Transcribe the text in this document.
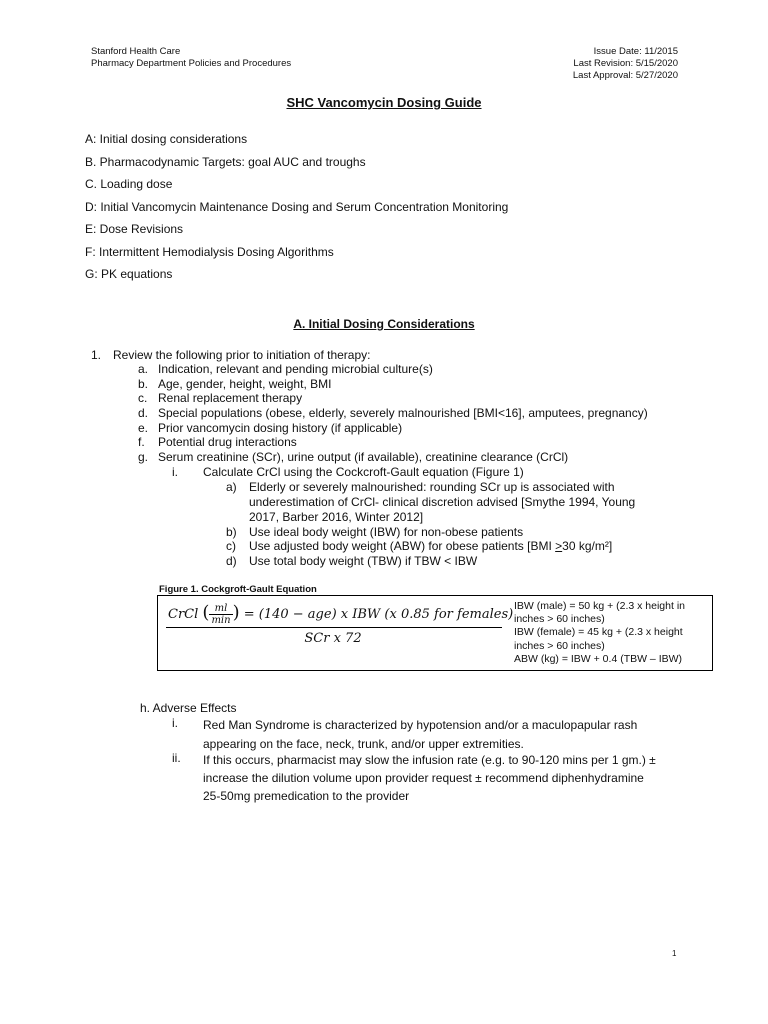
Stanford Health Care
Pharmacy Department Policies and Procedures
Issue Date: 11/2015
Last Revision: 5/15/2020
Last Approval: 5/27/2020
SHC Vancomycin Dosing Guide
A: Initial dosing considerations
B. Pharmacodynamic Targets: goal AUC and troughs
C. Loading dose
D: Initial Vancomycin Maintenance Dosing and Serum Concentration Monitoring
E: Dose Revisions
F: Intermittent Hemodialysis Dosing Algorithms
G: PK equations
A. Initial Dosing Considerations
1. Review the following prior to initiation of therapy:
a. Indication, relevant and pending microbial culture(s)
b. Age, gender, height, weight, BMI
c. Renal replacement therapy
d. Special populations (obese, elderly, severely malnourished [BMI<16], amputees, pregnancy)
e. Prior vancomycin dosing history (if applicable)
f. Potential drug interactions
g. Serum creatinine (SCr), urine output (if available), creatinine clearance (CrCl)
i. Calculate CrCl using the Cockcroft-Gault equation (Figure 1)
a) Elderly or severely malnourished: rounding SCr up is associated with
underestimation of CrCl- clinical discretion advised [Smythe 1994, Young
2017, Barber 2016, Winter 2012]
b) Use ideal body weight (IBW) for non-obese patients
c) Use adjusted body weight (ABW) for obese patients [BMI ≥30 kg/m²]
d) Use total body weight (TBW) if TBW < IBW
Figure 1. Cockgroft-Gault Equation
CrCl ( $\frac{ml}{\min}$ ) = (140 − age) x IBW (x 0.85 for females)
SCr x 72
IBW (male) = 50 kg + (2.3 x height in inches > 60 inches)
IBW (female) = 45 kg + (2.3 x height inches > 60 inches)
ABW (kg) = IBW + 0.4 (TBW – IBW)
h. Adverse Effects
i. Red Man Syndrome is characterized by hypotension and/or a maculopapular rash
appearing on the face, neck, trunk, and/or upper extremities.
ii. If this occurs, pharmacist may slow the infusion rate (e.g. to 90-120 mins per 1 gm.) ±
increase the dilution volume upon provider request ± recommend diphenhydramine
25-50mg premedication to the provider
1
